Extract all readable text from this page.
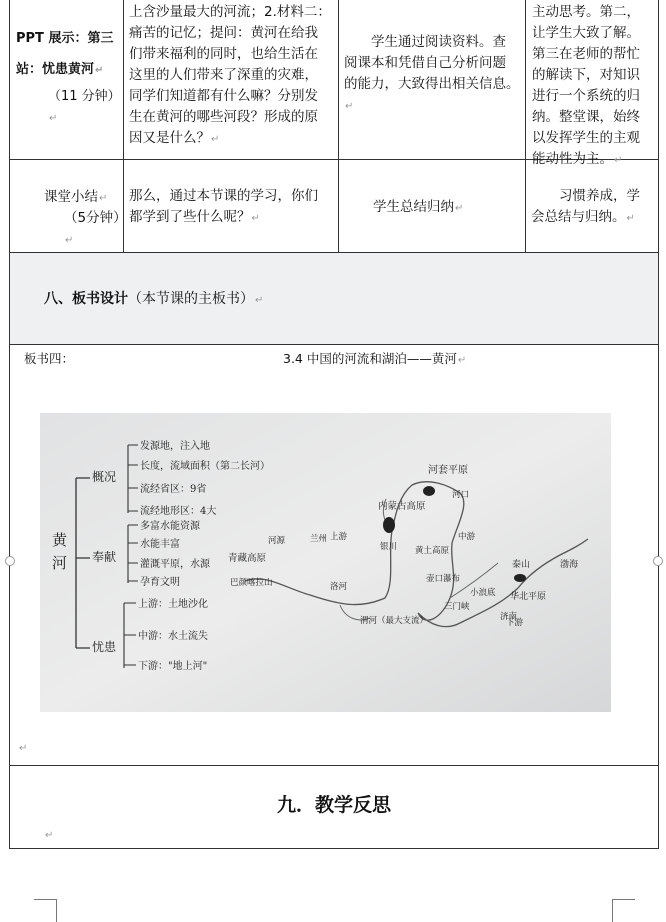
PPT 展示：第三
站：忧患黄河↵
（11 分钟）↵
上含沙量最大的河流；2.材料二：
痛苦的记忆；提问：黄河在给我
们带来福利的同时，也给生活在
这里的人们带来了深重的灾难，
同学们知道都有什么嘛？分别发
生在黄河的哪些河段？形成的原
因又是什么？↵
学生通过阅读资料。查
阅课本和凭借自己分析问题
的能力，大致得出相关信息。↵
主动思考。第二，
让学生大致了解。
第三在老师的帮忙
的解读下，对知识
进行一个系统的归
纳。整堂课，始终
以发挥学生的主观
能动性为主。↵
课堂小结↵
（5分钟）↵
那么，通过本节课的学习，你们
都学到了些什么呢？↵
学生总结归纳↵
习惯养成，学
会总结与归纳。↵
八、板书设计（本节课的主板书）↵
板书四：	3.4 中国的河流和湖泊——黄河↵
黄
河
概况
发源地，注入地
长度，流域面积（第二长河）
流经省区：9省
流经地形区：4大
奉献
多富水能资源
水能丰富
灌溉平原，水源
孕育文明
忧患
上游：土地沙化
中游：水土流失
下游："地上河"
巴颜喀拉山
青藏高原
河源	上游
兰州
银川
河套平原
内蒙古高原
河口
中游
黄土高原
壶口瀑布
渭河（最大支流）
洛河
三门峡
小浪底 华北平原
济南
泰山
下游
渤海
↵
九．教学反思
↵
